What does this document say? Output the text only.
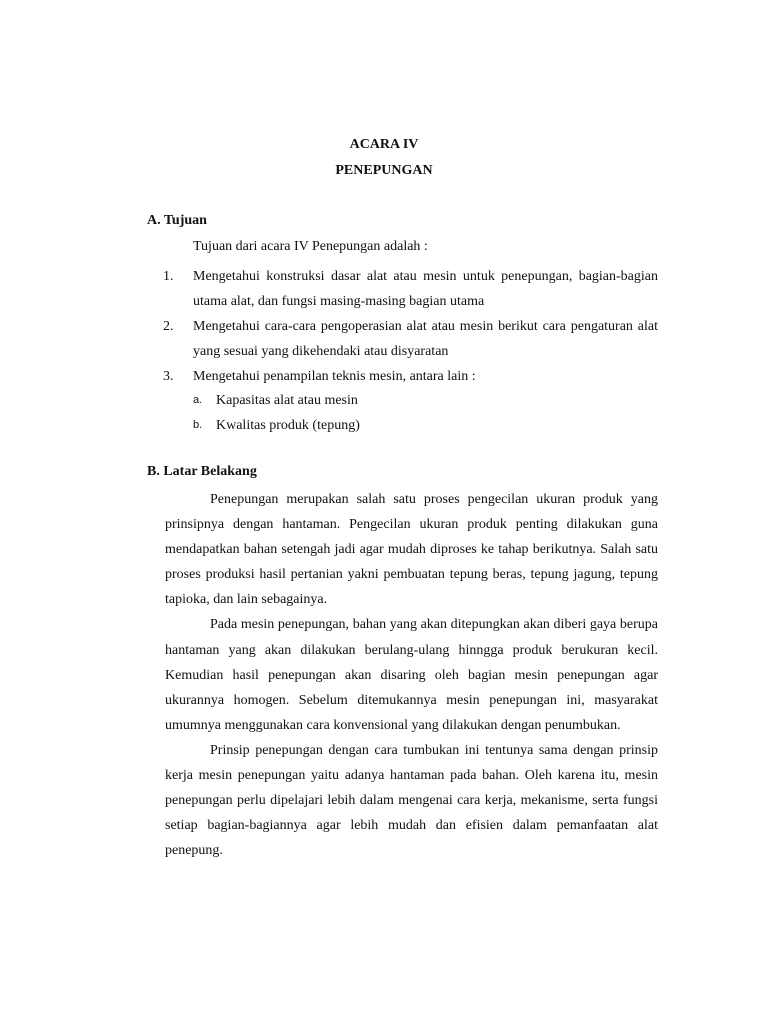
ACARA IV
PENEPUNGAN
A. Tujuan
Tujuan dari acara IV Penepungan adalah :
1. Mengetahui konstruksi dasar alat atau mesin untuk penepungan, bagian-bagian utama alat, dan fungsi masing-masing bagian utama
2. Mengetahui cara-cara pengoperasian alat atau mesin berikut cara pengaturan alat yang sesuai yang dikehendaki atau disyaratan
3. Mengetahui penampilan teknis mesin, antara lain :
a. Kapasitas alat atau mesin
b. Kwalitas produk (tepung)
B. Latar Belakang

Penepungan merupakan salah satu proses pengecilan ukuran produk yang prinsipnya dengan hantaman. Pengecilan ukuran produk penting dilakukan guna mendapatkan bahan setengah jadi agar mudah diproses ke tahap berikutnya. Salah satu proses produksi hasil pertanian yakni pembuatan tepung beras, tepung jagung, tepung tapioka, dan lain sebagainya.

Pada mesin penepungan, bahan yang akan ditepungkan akan diberi gaya berupa hantaman yang akan dilakukan berulang-ulang hinngga produk berukuran kecil. Kemudian hasil penepungan akan disaring oleh bagian mesin penepungan agar ukurannya homogen. Sebelum ditemukannya mesin penepungan ini, masyarakat umumnya menggunakan cara konvensional yang dilakukan dengan penumbukan.

Prinsip penepungan dengan cara tumbukan ini tentunya sama dengan prinsip kerja mesin penepungan yaitu adanya hantaman pada bahan. Oleh karena itu, mesin penepungan perlu dipelajari lebih dalam mengenai cara kerja, mekanisme, serta fungsi setiap bagian-bagiannya agar lebih mudah dan efisien dalam pemanfaatan alat penepung.
